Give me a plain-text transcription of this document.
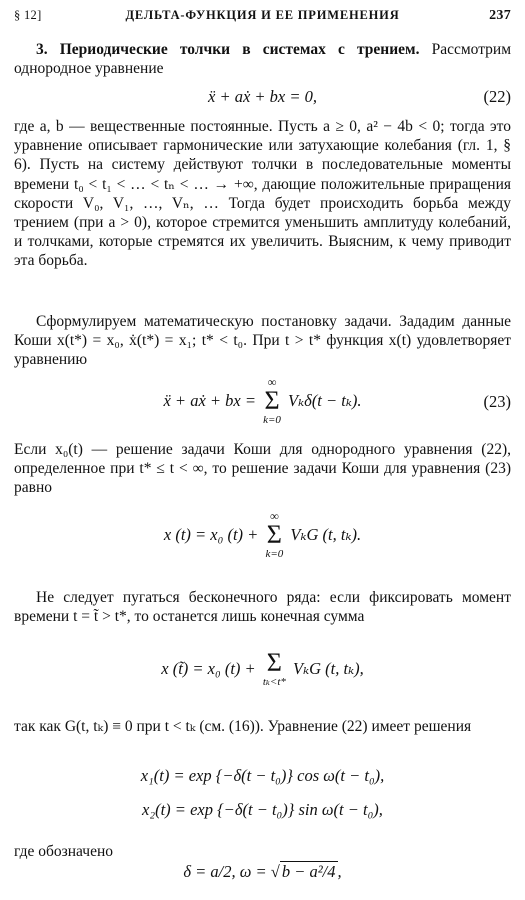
§ 12]	ДЕЛЬТА-ФУНКЦИЯ И ЕЕ ПРИМЕНЕНИЯ	237
3. Периодические толчки в системах с трением. Рассмотрим однородное уравнение
ẍ + aẋ + bx = 0,	(22)
где a, b — вещественные постоянные. Пусть a ≥ 0, a² − 4b < 0; тогда это уравнение описывает гармонические или затухающие колебания (гл. 1, § 6). Пусть на систему действуют толчки в последовательные моменты времени t₀ < t₁ < … < tₙ < … → +∞, дающие положительные приращения скорости V₀, V₁, …, Vₙ, … Тогда будет происходить борьба между трением (при a > 0), которое стремится уменьшить амплитуду колебаний, и толчками, которые стремятся их увеличить. Выясним, к чему приводит эта борьба.
Сформулируем математическую постановку задачи. Зададим данные Коши x(t*) = x₀, ẋ(t*) = x₁; t* < t₀. При t > t* функция x(t) удовлетворяет уравнению
ẍ + aẋ + bx =
∞
Σ
k=0
Vₖδ(t − tₖ).	(23)
Если x₀(t) — решение задачи Коши для однородного уравнения (22), определенное при t* ≤ t < ∞, то решение задачи Коши для уравнения (23) равно
x (t) = x₀ (t) +
∞
Σ
k=0
VₖG (t, tₖ).
Не следует пугаться бесконечного ряда: если фиксировать момент времени t = t̃ > t*, то останется лишь конечная сумма
x (t̃) = x₀ (t) + Σ
tₖ<t*
VₖG (t, tₖ),
так как G(t, tₖ) ≡ 0 при t < tₖ (см. (16)). Уравнение (22) имеет решения
x₁(t) = exp {−δ(t − t₀)} cos ω(t − t₀),
x₂(t) = exp {−δ(t − t₀)} sin ω(t − t₀),
где обозначено
δ = a/2, ω = √ b − a²/4 ,
